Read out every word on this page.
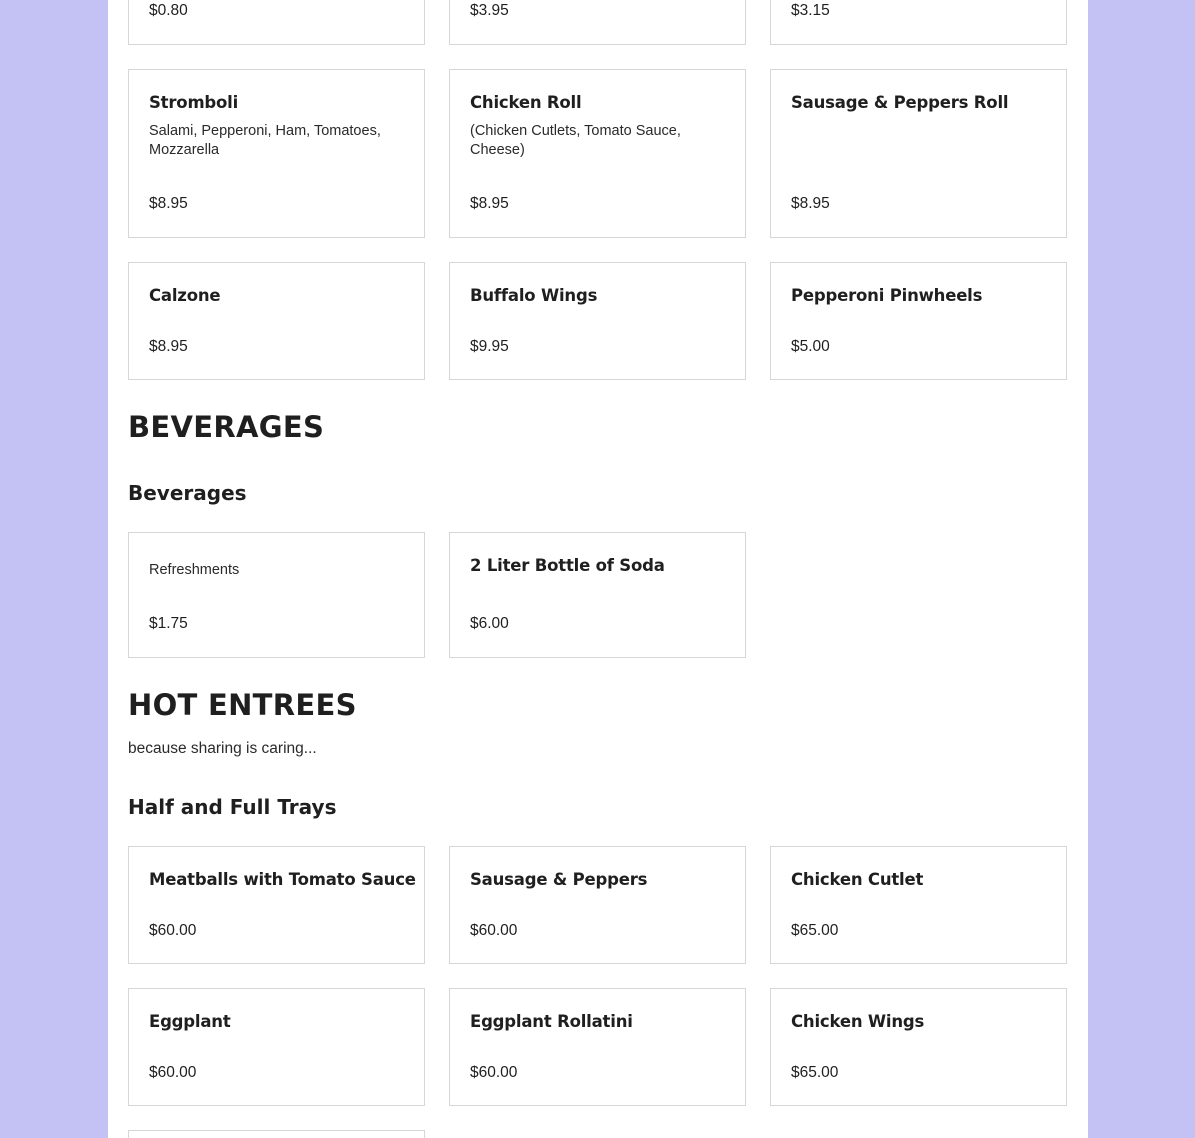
$0.80	$3.95	$3.15
Stromboli
Salami, Pepperoni, Ham, Tomatoes, Mozzarella
$8.95
Chicken Roll
(Chicken Cutlets, Tomato Sauce, Cheese)
$8.95
Sausage & Peppers Roll
$8.95
Calzone
$8.95
Buffalo Wings
$9.95
Pepperoni Pinwheels
$5.00
BEVERAGES
Beverages
Refreshments
$1.75
2 Liter Bottle of Soda
$6.00
HOT ENTREES

because sharing is caring...

Half and Full Trays
Meatballs with Tomato Sauce
$60.00
Sausage & Peppers
$60.00
Chicken Cutlet
$65.00
Eggplant
$60.00
Eggplant Rollatini
$60.00
Chicken Wings
$65.00
